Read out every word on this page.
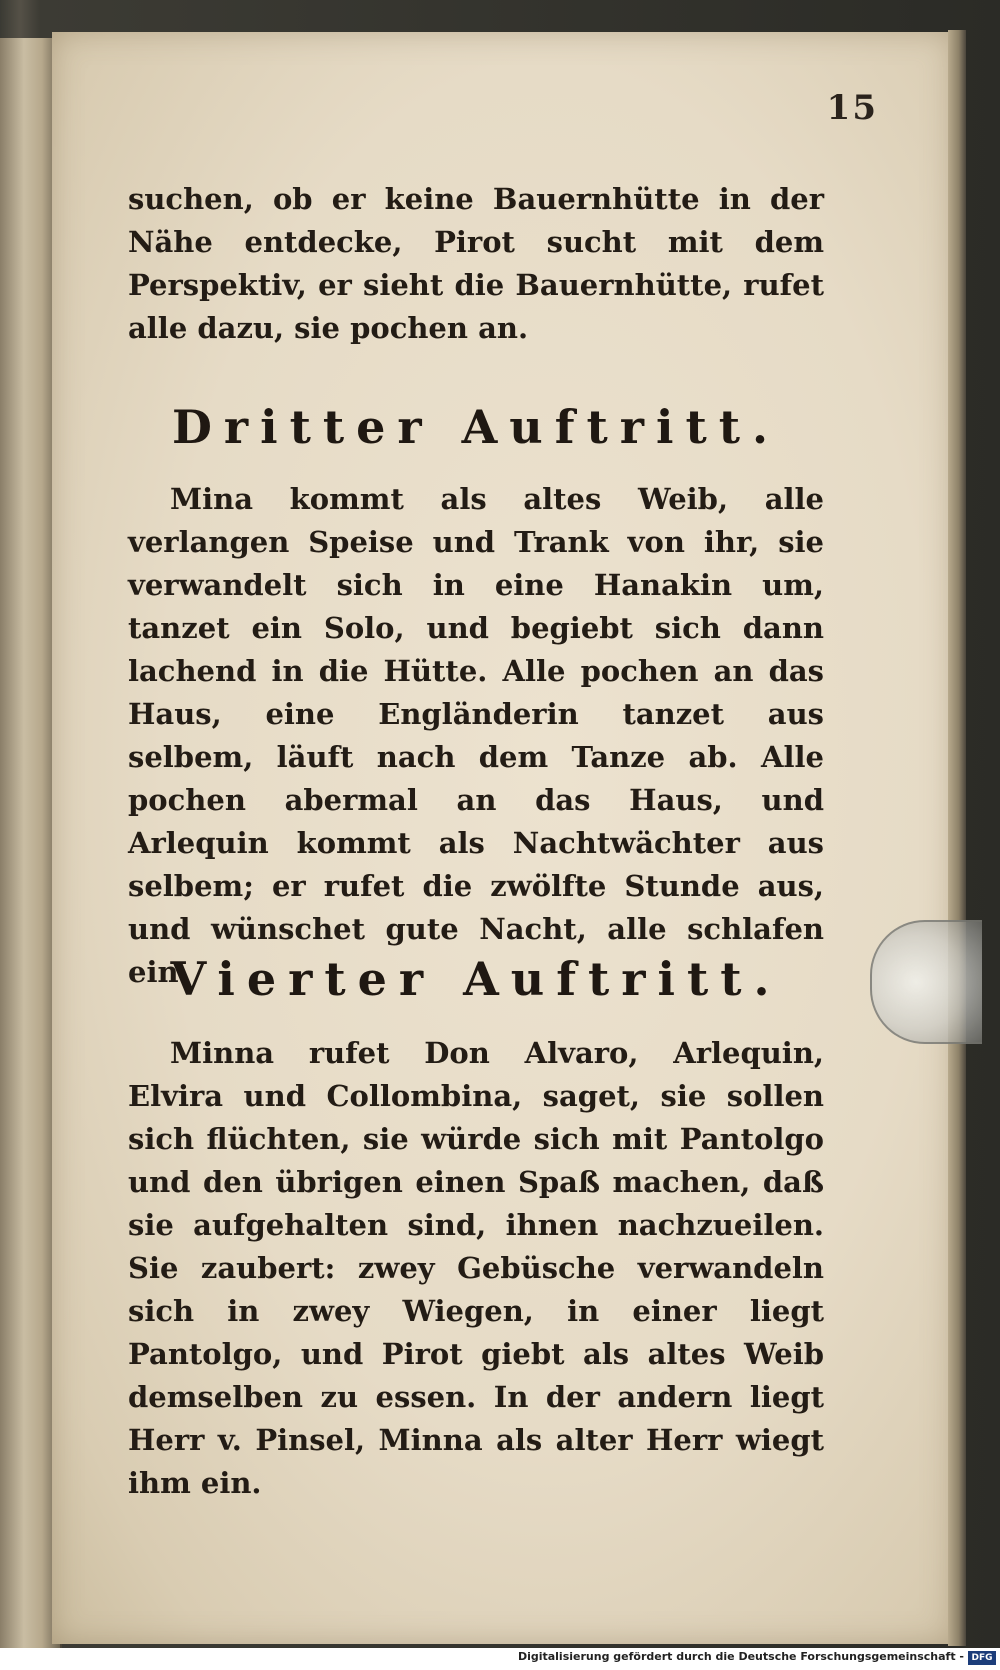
15
suchen, ob er keine Bauernhütte in der Nähe entdecke, Pirot sucht mit dem Perspektiv, er sieht die Bauernhütte, rufet alle dazu, sie pochen an.
Dritter Auftritt.
Mina kommt als altes Weib, alle verlangen Speise und Trank von ihr, sie verwandelt sich in eine Hanakin um, tanzet ein Solo, und begiebt sich dann lachend in die Hütte. Alle pochen an das Haus, eine Engländerin tanzet aus selbem, läuft nach dem Tanze ab. Alle pochen abermal an das Haus, und Arlequin kommt als Nachtwächter aus selbem; er rufet die zwölfte Stunde aus, und wünschet gute Nacht, alle schlafen ein.
Vierter Auftritt.
Minna rufet Don Alvaro, Arlequin, Elvira und Collombina, saget, sie sollen sich flüchten, sie würde sich mit Pantolgo und den übrigen einen Spaß machen, daß sie aufgehalten sind, ihnen nachzueilen. Sie zaubert: zwey Gebüsche verwandeln sich in zwey Wiegen, in einer liegt Pantolgo, und Pirot giebt als altes Weib demselben zu essen. In der andern liegt Herr v. Pinsel, Minna als alter Herr wiegt ihm ein.
Digitalisierung gefördert durch die Deutsche Forschungsgemeinschaft - DFG
